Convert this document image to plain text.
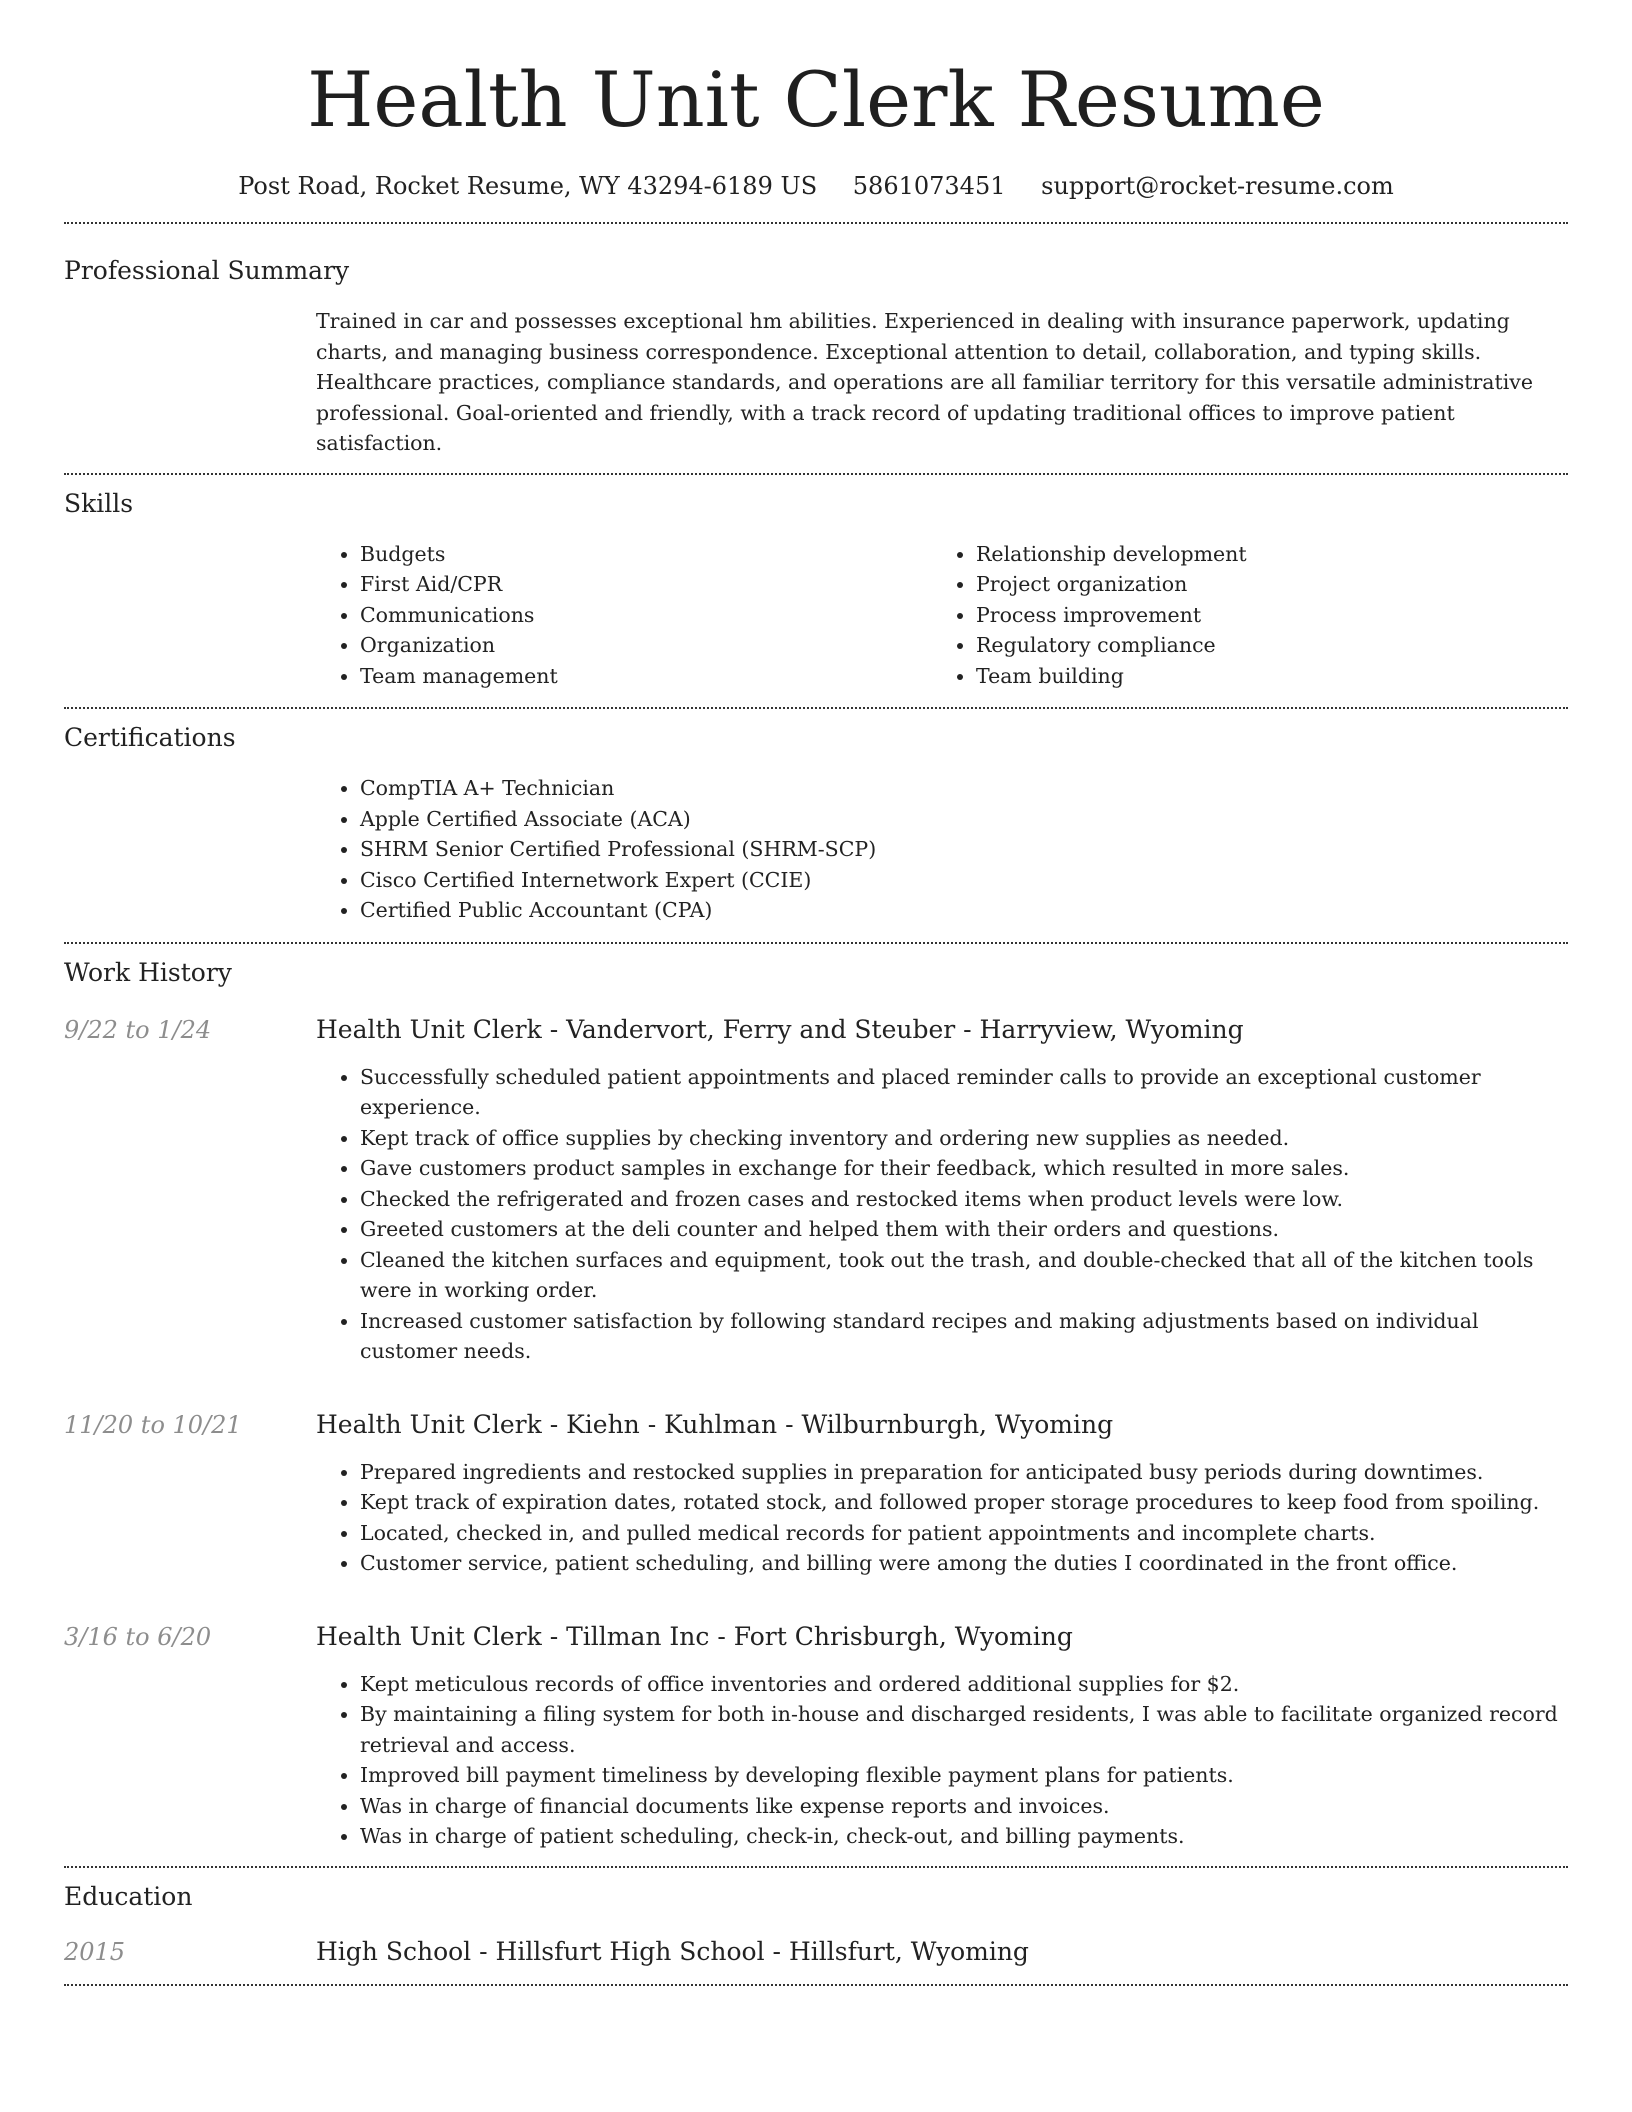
Health Unit Clerk Resume
Post Road, Rocket Resume, WY 43294-6189 US 5861073451 support@rocket-resume.com
Professional Summary

Trained in car and possesses exceptional hm abilities. Experienced in dealing with insurance paperwork, updating charts, and managing business correspondence. Exceptional attention to detail, collaboration, and typing skills. Healthcare practices, compliance standards, and operations are all familiar territory for this versatile administrative professional. Goal-oriented and friendly, with a track record of updating traditional offices to improve patient satisfaction.

Skills
• Budgets
• First Aid/CPR
• Communications
• Organization
• Team management
• Relationship development
• Project organization
• Process improvement
• Regulatory compliance
• Team building
Certifications
• CompTIA A+ Technician
• Apple Certified Associate (ACA)
• SHRM Senior Certified Professional (SHRM-SCP)
• Cisco Certified Internetwork Expert (CCIE)
• Certified Public Accountant (CPA)
Work History
9/22 to 1/24	Health Unit Clerk - Vandervort, Ferry and Steuber - Harryview, Wyoming
• Successfully scheduled patient appointments and placed reminder calls to provide an exceptional customer experience.
• Kept track of office supplies by checking inventory and ordering new supplies as needed.
• Gave customers product samples in exchange for their feedback, which resulted in more sales.
• Checked the refrigerated and frozen cases and restocked items when product levels were low.
• Greeted customers at the deli counter and helped them with their orders and questions.
• Cleaned the kitchen surfaces and equipment, took out the trash, and double-checked that all of the kitchen tools were in working order.
• Increased customer satisfaction by following standard recipes and making adjustments based on individual customer needs.
11/20 to 10/21	Health Unit Clerk - Kiehn - Kuhlman - Wilburnburgh, Wyoming
• Prepared ingredients and restocked supplies in preparation for anticipated busy periods during downtimes.
• Kept track of expiration dates, rotated stock, and followed proper storage procedures to keep food from spoiling.
• Located, checked in, and pulled medical records for patient appointments and incomplete charts.
• Customer service, patient scheduling, and billing were among the duties I coordinated in the front office.
3/16 to 6/20	Health Unit Clerk - Tillman Inc - Fort Chrisburgh, Wyoming
• Kept meticulous records of office inventories and ordered additional supplies for $2.
• By maintaining a filing system for both in-house and discharged residents, I was able to facilitate organized record retrieval and access.
• Improved bill payment timeliness by developing flexible payment plans for patients.
• Was in charge of financial documents like expense reports and invoices.
• Was in charge of patient scheduling, check-in, check-out, and billing payments.
Education
2015	High School - Hillsfurt High School - Hillsfurt, Wyoming
